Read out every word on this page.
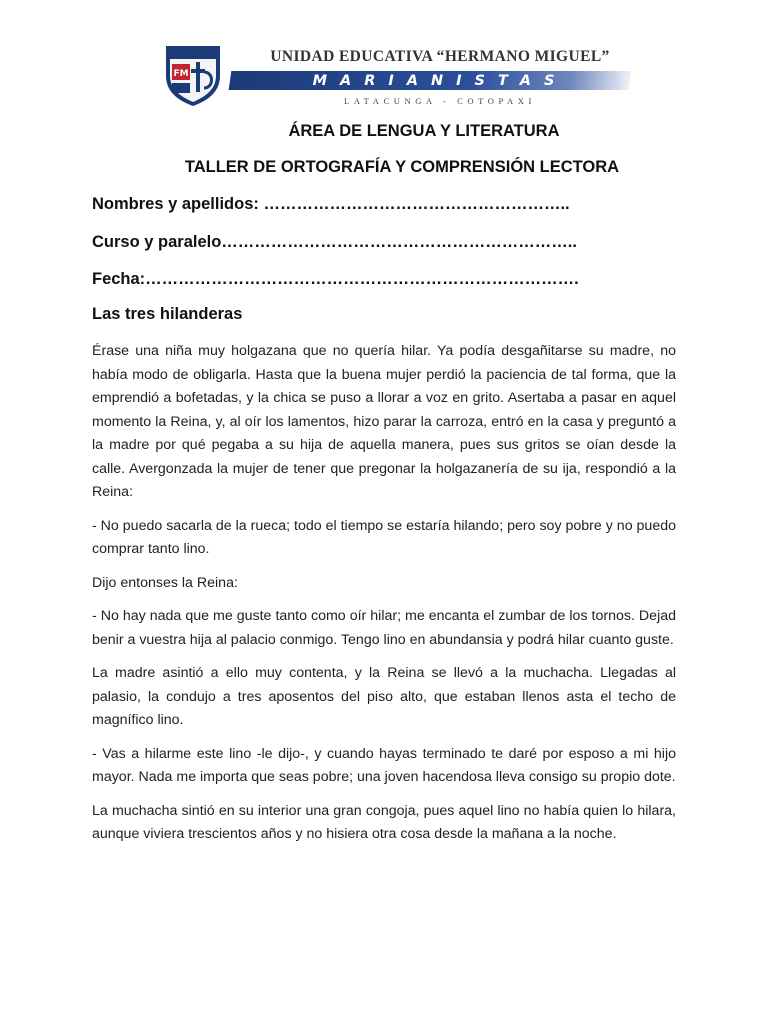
FM
UNIDAD EDUCATIVA “HERMANO MIGUEL”
MARIANISTAS
LATACUNGA - COTOPAXI
ÁREA DE LENGUA Y LITERATURA
TALLER DE ORTOGRAFÍA Y COMPRENSIÓN LECTORA
Nombres y apellidos: ………………………………………………..
Curso y paralelo………………………………………………………..
Fecha:…………………………………………………………………….
Las tres hilanderas

Érase una niña muy holgazana que no quería hilar. Ya podía desgañitarse su madre, no había modo de obligarla. Hasta que la buena mujer perdió la paciencia de tal forma, que la emprendió a bofetadas, y la chica se puso a llorar a voz en grito. Asertaba a pasar en aquel momento la Reina, y, al oír los lamentos, hizo parar la carroza, entró en la casa y preguntó a la madre por qué pegaba a su hija de aquella manera, pues sus gritos se oían desde la calle. Avergonzada la mujer de tener que pregonar la holgazanería de su ija, respondió a la Reina:

- No puedo sacarla de la rueca; todo el tiempo se estaría hilando; pero soy pobre y no puedo comprar tanto lino.

Dijo entonses la Reina:

- No hay nada que me guste tanto como oír hilar; me encanta el zumbar de los tornos. Dejad benir a vuestra hija al palacio conmigo. Tengo lino en abundansia y podrá hilar cuanto guste.

La madre asintió a ello muy contenta, y la Reina se llevó a la muchacha. Llegadas al palasio, la condujo a tres aposentos del piso alto, que estaban llenos asta el techo de magnífico lino.

- Vas a hilarme este lino -le dijo-, y cuando hayas terminado te daré por esposo a mi hijo mayor. Nada me importa que seas pobre; una joven hacendosa lleva consigo su propio dote.

La muchacha sintió en su interior una gran congoja, pues aquel lino no había quien lo hilara, aunque viviera trescientos años y no hisiera otra cosa desde la mañana a la noche.
